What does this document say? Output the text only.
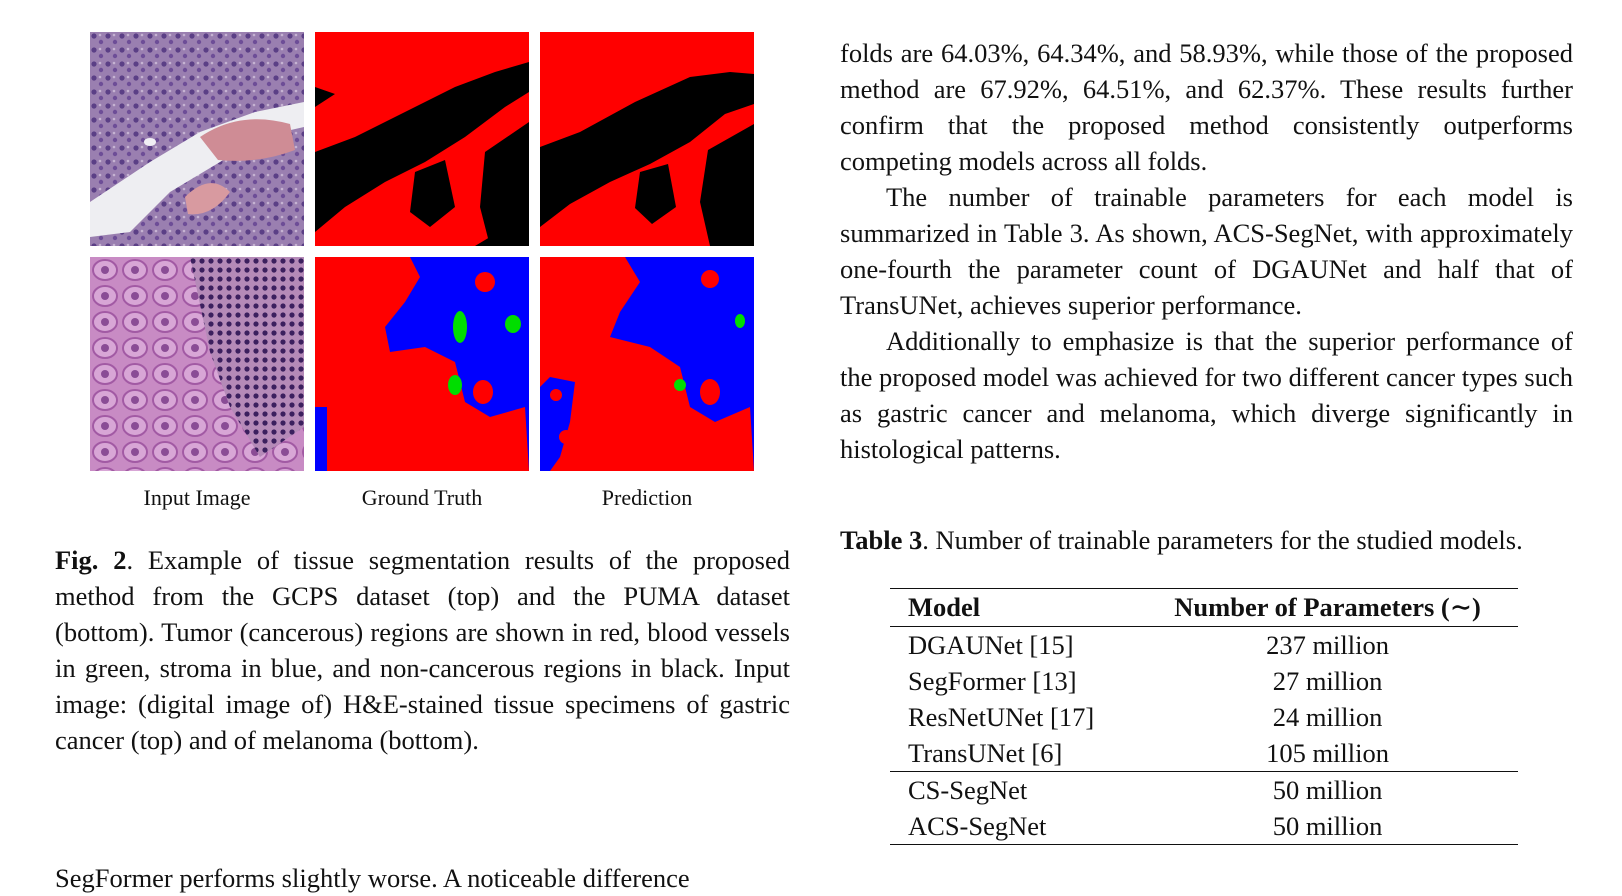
Input Image	Ground Truth	Prediction

Fig. 2. Example of tissue segmentation results of the proposed method from the GCPS dataset (top) and the PUMA dataset (bottom). Tumor (cancerous) regions are shown in red, blood vessels in green, stroma in blue, and non-cancerous regions in black. Input image: (digital image of) H&E-stained tissue specimens of gastric cancer (top) and of melanoma (bottom).

SegFormer performs slightly worse. A noticeable difference

folds are 64.03%, 64.34%, and 58.93%, while those of the proposed method are 67.92%, 64.51%, and 62.37%. These results further confirm that the proposed method consistently outperforms competing models across all folds.

The number of trainable parameters for each model is summarized in Table 3. As shown, ACS-SegNet, with approximately one-fourth the parameter count of DGAUNet and half that of TransUNet, achieves superior performance.

Additionally to emphasize is that the superior performance of the proposed model was achieved for two different cancer types such as gastric cancer and melanoma, which diverge significantly in histological patterns.

Table 3. Number of trainable parameters for the studied models.
Model	Number of Parameters (∼)
DGAUNet [15]	237 million
SegFormer [13]	27 million
ResNetUNet [17]	24 million
TransUNet [6]	105 million
CS-SegNet	50 million
ACS-SegNet	50 million
